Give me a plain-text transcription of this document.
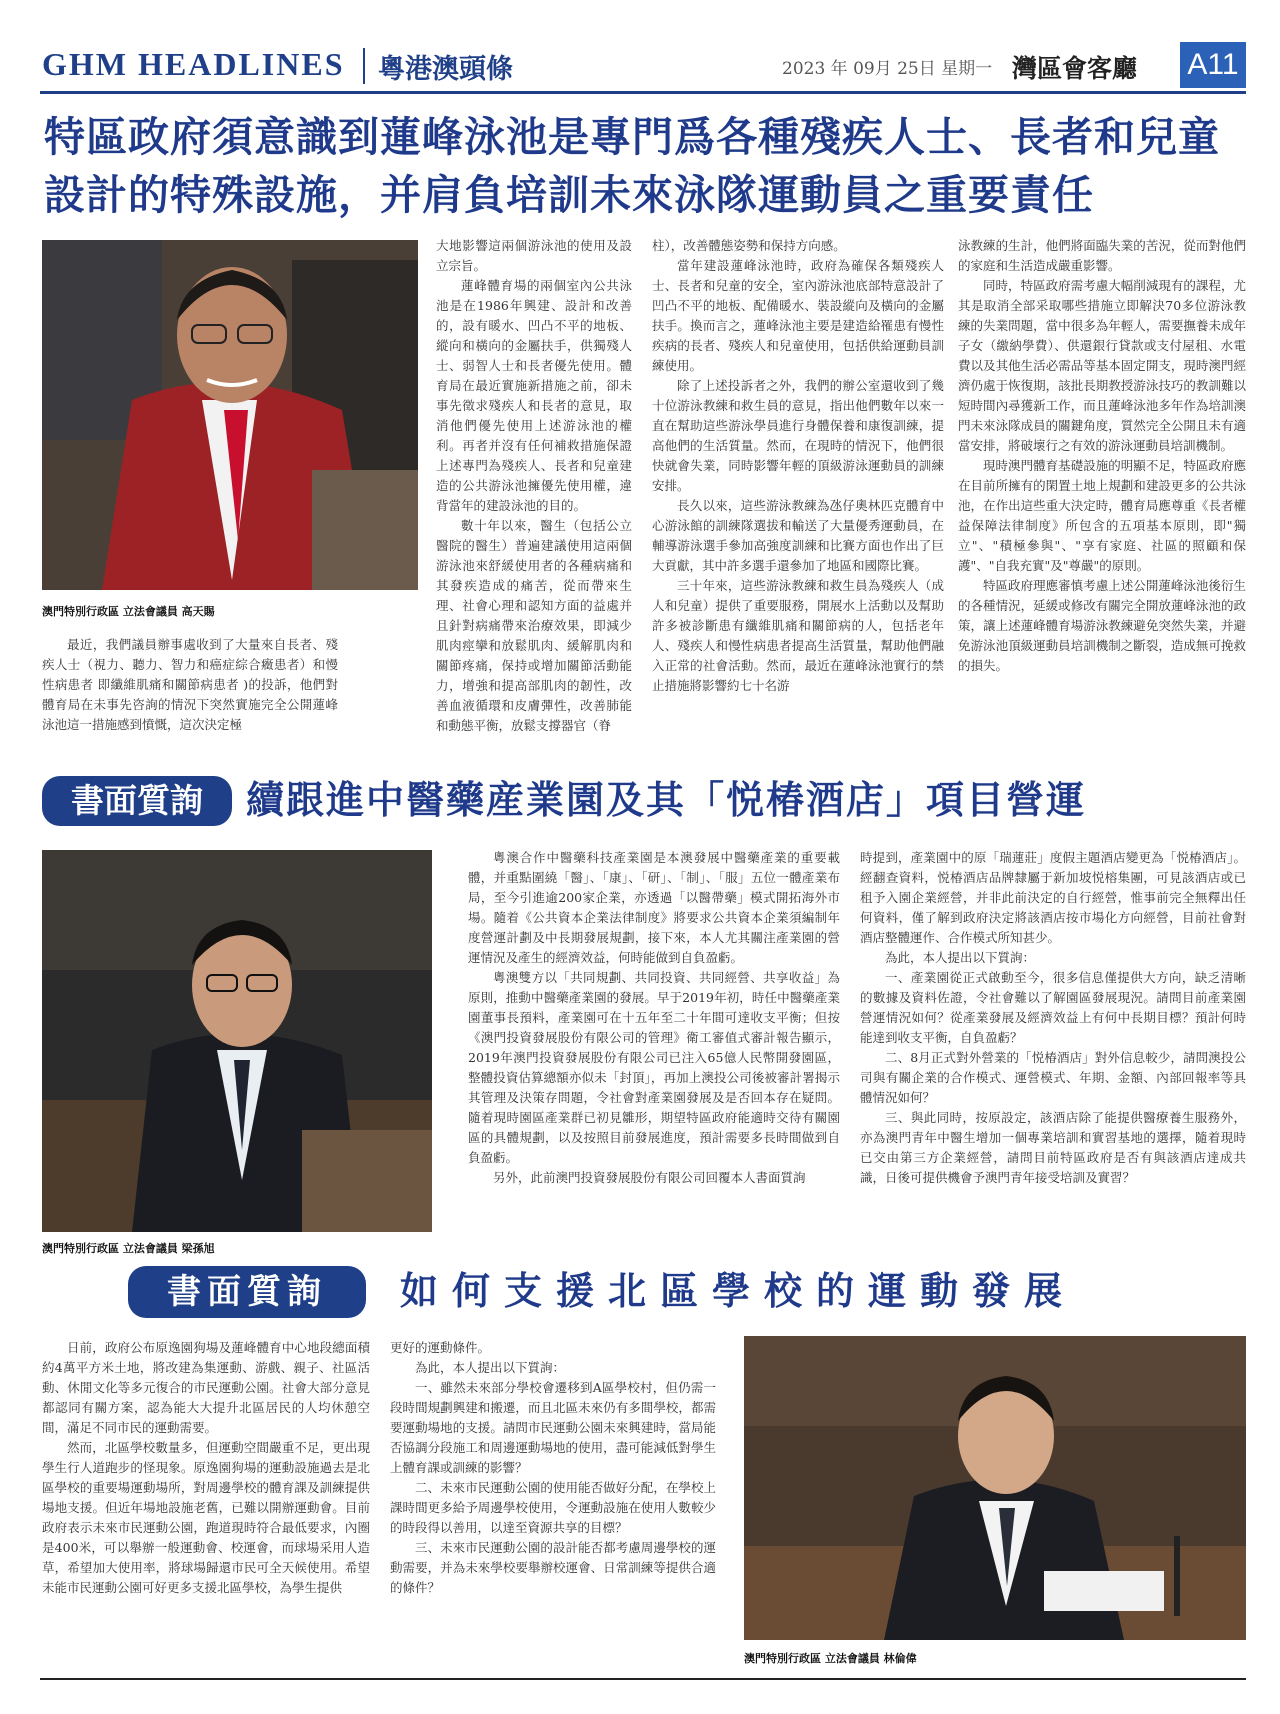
GHM HEADLINES 粵港澳頭條	2023 年 09月 25日 星期一 灣區會客廳 A11
特區政府須意識到蓮峰泳池是專門爲各種殘疾人士、長者和兒童設計的特殊設施，并肩負培訓未來泳隊運動員之重要責任
澳門特別行政區 立法會議員 高天賜

最近，我們議員辦事處收到了大量來自長者、殘疾人士（視力、聽力、智力和癌症綜合癥患者）和慢性病患者 即纖維肌痛和關節病患者 )的投訴，他們對體育局在未事先咨詢的情況下突然實施完全公開蓮峰泳池這一措施感到憤慨，這次決定極

大地影響這兩個游泳池的使用及設立宗旨。

蓮峰體育場的兩個室內公共泳池是在1986年興建、設計和改善的，設有暖水、凹凸不平的地板、縱向和橫向的金屬扶手，供獨殘人士、弱智人士和長者優先使用。體育局在最近實施新措施之前，卻未事先徵求殘疾人和長者的意見，取消他們優先使用上述游泳池的權利。再者并沒有任何補救措施保證上述專門為殘疾人、長者和兒童建造的公共游泳池擁優先使用權，違背當年的建設泳池的目的。

數十年以來，醫生（包括公立醫院的醫生）普遍建議使用這兩個游泳池來舒緩使用者的各種病痛和其發疾造成的痛苦，從而帶來生理、社會心理和認知方面的益處并且針對病痛帶來治療效果，即減少肌肉痙攣和放鬆肌肉、緩解肌肉和關節疼痛，保持或增加關節活動能力，增強和提高部肌肉的韌性，改善血液循環和皮膚彈性，改善肺能和動態平衡，放鬆支撐器官（脊

柱），改善體態姿勢和保持方向感。

當年建設蓮峰泳池時，政府為確保各類殘疾人士、長者和兒童的安全，室內游泳池底部特意設計了凹凸不平的地板、配備暖水、裝設縱向及橫向的金屬扶手。換而言之，蓮峰泳池主要是建造給罹患有慢性疾病的長者、殘疾人和兒童使用，包括供給運動員訓練使用。

除了上述投訴者之外，我們的辦公室還收到了幾十位游泳教練和救生員的意見，指出他們數年以來一直在幫助這些游泳學員進行身體保養和康復訓練，提高他們的生活質量。然而，在現時的情況下，他們很快就會失業，同時影響年輕的頂級游泳運動員的訓練安排。

長久以來，這些游泳教練為氹仔奧林匹克體育中心游泳館的訓練隊選拔和輸送了大量優秀運動員，在輔導游泳選手參加高強度訓練和比賽方面也作出了巨大貢獻，其中許多選手還參加了地區和國際比賽。

三十年來，這些游泳教練和救生員為殘疾人（成人和兒童）提供了重要服務，開展水上活動以及幫助許多被診斷患有纖維肌痛和關節病的人，包括老年人、殘疾人和慢性病患者提高生活質量，幫助他們融入正常的社會活動。然而，最近在蓮峰泳池實行的禁止措施將影響約七十名游

泳教練的生計，他們將面臨失業的苦況，從而對他們的家庭和生活造成嚴重影響。

同時，特區政府需考慮大幅削減現有的課程，尤其是取消全部采取哪些措施立即解決70多位游泳教練的失業問題，當中很多為年輕人，需要撫養未成年子女（繳納學費）、供還銀行貸款或支付屋租、水電費以及其他生活必需品等基本固定開支，現時澳門經濟仍處于恢復期，該批長期教授游泳技巧的教訓難以短時間內尋獲新工作，而且蓮峰泳池多年作為培訓澳門未來泳隊成員的關鍵角度，質然完全公開且未有適當安排，將破壞行之有效的游泳運動員培訓機制。

現時澳門體育基礎設施的明顯不足，特區政府應在目前所擁有的閑置土地上規劃和建設更多的公共泳池，在作出這些重大決定時，體育局應尊重《長者權益保障法律制度》所包含的五項基本原則，即"獨立"、"積極參與"、"享有家庭、社區的照顧和保護"、"自我充實"及"尊嚴"的原則。

特區政府理應審慎考慮上述公開蓮峰泳池後衍生的各種情況，延緩或修改有關完全開放蓮峰泳池的政策，讓上述蓮峰體育場游泳教練避免突然失業，并避免游泳池頂級運動員培訓機制之斷裂，造成無可挽救的損失。

書面質詢	續跟進中醫藥産業園及其「悦椿酒店」項目營運
澳門特別行政區 立法會議員 梁孫旭

粵澳合作中醫藥科技產業園是本澳發展中醫藥產業的重要載體，并重點圍繞「醫」、「康」、「研」、「制」、「服」五位一體產業布局，至今引進逾200家企業，亦透過「以醫帶藥」模式開拓海外市場。隨着《公共資本企業法律制度》將要求公共資本企業須編制年度營運計劃及中長期發展規劃，接下來，本人尤其關注產業園的營運情況及產生的經濟效益，何時能做到自負盈虧。

粵澳雙方以「共同規劃、共同投資、共同經營、共享收益」為原則，推動中醫藥產業園的發展。早于2019年初，時任中醫藥產業園董事長預料，產業園可在十五年至二十年間可達收支平衡；但按《澳門投資發展股份有限公司的管理》衛工審值式審計報告顯示，2019年澳門投資發展股份有限公司已注入65億人民幣開發園區，整體投資估算總額亦似未「封頂」，再加上澳投公司後被審計署揭示其管理及決策存問題，令社會對產業園發展及是否回本存在疑問。隨着現時園區產業群已初見雛形，期望特區政府能適時交待有關園區的具體規劃，以及按照目前發展進度，預計需要多長時間做到自負盈虧。

另外，此前澳門投資發展股份有限公司回覆本人書面質詢

時提到，產業園中的原「瑞蓮莊」度假主題酒店變更為「悦椿酒店」。經翻查資料，悦椿酒店品牌隸屬于新加坡悦榕集團，可見該酒店或已租予入園企業經營，并非此前決定的自行經營，惟事前完全無釋出任何資料，僅了解到政府決定將該酒店按市場化方向經營，目前社會對酒店整體運作、合作模式所知甚少。

為此，本人提出以下質詢：

一、產業園從正式啟動至今，很多信息僅提供大方向，缺乏清晰的數據及資料佐證，令社會難以了解園區發展現況。請問目前產業園營運情況如何？從產業發展及經濟效益上有何中長期目標？預計何時能達到收支平衡，自負盈虧？

二、8月正式對外營業的「悦椿酒店」對外信息較少，請問澳投公司與有關企業的合作模式、運營模式、年期、金額、內部回報率等具體情況如何？

三、與此同時，按原設定，該酒店除了能提供醫療養生服務外，亦為澳門青年中醫生增加一個專業培訓和實習基地的選擇，隨着現時已交由第三方企業經營，請問目前特區政府是否有與該酒店達成共識，日後可提供機會予澳門青年接受培訓及實習？

書面質詢	如何支援北區學校的運動發展

日前，政府公布原逸園狗場及蓮峰體育中心地段總面積約4萬平方米土地，將改建為集運動、游戲、親子、社區活動、休閒文化等多元復合的市民運動公園。社會大部分意見都認同有關方案，認為能大大提升北區居民的人均休憩空間，滿足不同市民的運動需要。

然而，北區學校數量多，但運動空間嚴重不足，更出現學生行人道跑步的怪現象。原逸園狗場的運動設施過去是北區學校的重要場運動場所，對周邊學校的體育課及訓練提供場地支援。但近年場地設施老舊，已難以開辦運動會。目前政府表示未來市民運動公園，跑道現時符合最低要求，內圈是400米，可以舉辦一般運動會、校運會，而球場采用人造草，希望加大使用率，將球場歸還市民可全天候使用。希望未能市民運動公園可好更多支援北區學校，為學生提供

更好的運動條件。

為此，本人提出以下質詢：

一、雖然未來部分學校會遷移到A區學校村，但仍需一段時間規劃興建和搬遷，而且北區未來仍有多間學校，都需要運動場地的支援。請問市民運動公園未來興建時，當局能否協調分段施工和周邊運動場地的使用，盡可能減低對學生上體育課或訓練的影響？

二、未來市民運動公園的使用能否做好分配，在學校上課時間更多給予周邊學校使用，令運動設施在使用人數較少的時段得以善用，以達至資源共享的目標？

三、未來市民運動公園的設計能否都考慮周邊學校的運動需要，并為未來學校要舉辦校運會、日常訓練等提供合適的條件？

澳門特別行政區 立法會議員 林倫偉
